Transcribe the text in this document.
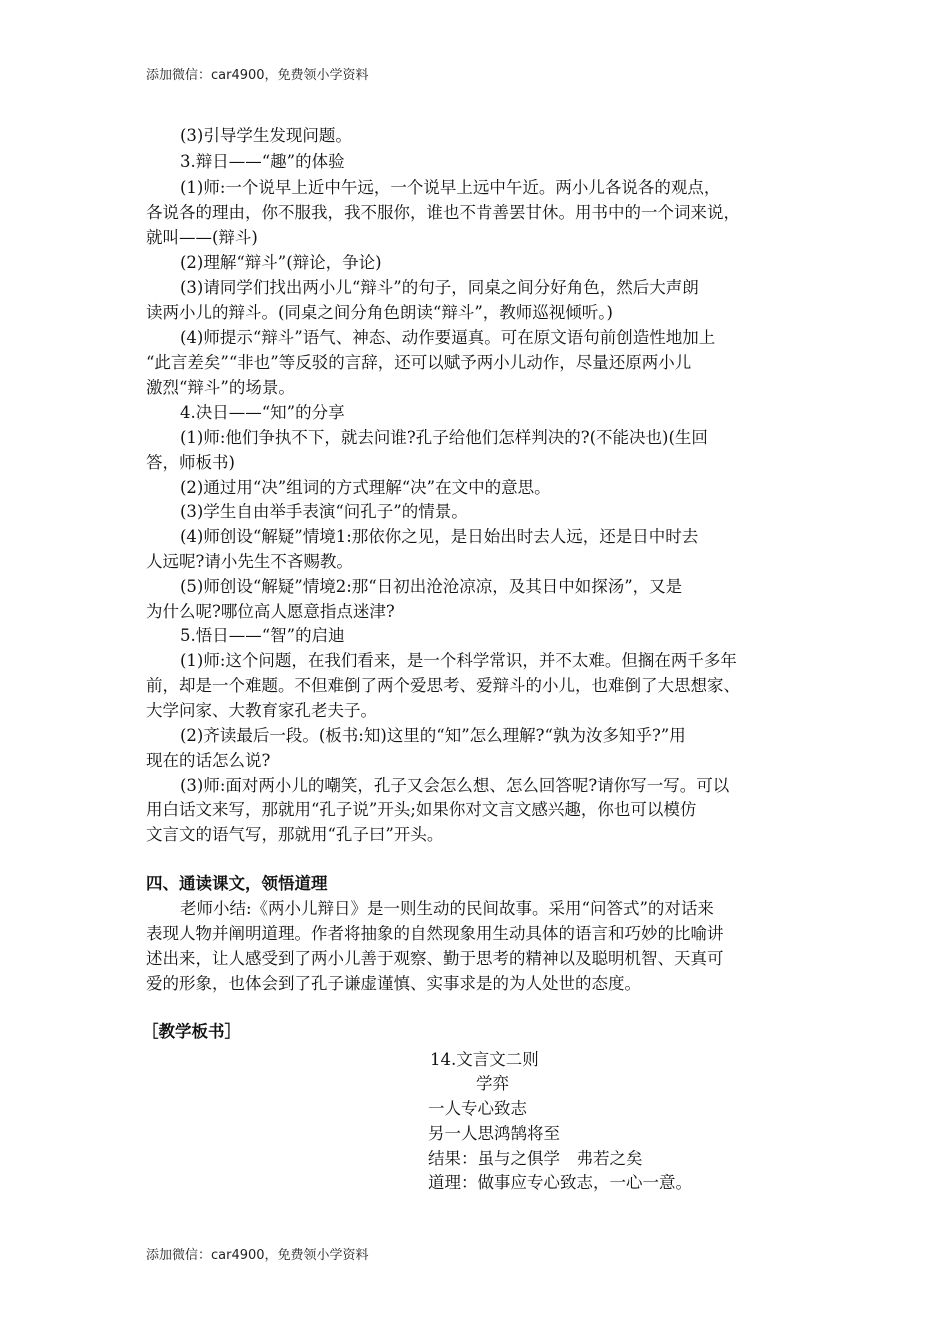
添加微信：car4900，免费领小学资料
(3)引导学生发现问题。
3.辩日——“趣”的体验
(1)师:一个说早上近中午远，一个说早上远中午近。两小儿各说各的观点，
各说各的理由，你不服我，我不服你，谁也不肯善罢甘休。用书中的一个词来说，
就叫——(辩斗)
(2)理解“辩斗”(辩论，争论)
(3)请同学们找出两小儿“辩斗”的句子，同桌之间分好角色，然后大声朗
读两小儿的辩斗。(同桌之间分角色朗读“辩斗”，教师巡视倾听。)
(4)师提示“辩斗”语气、神态、动作要逼真。可在原文语句前创造性地加上
“此言差矣”“非也”等反驳的言辞，还可以赋予两小儿动作，尽量还原两小儿
激烈“辩斗”的场景。
4.决日——“知”的分享
(1)师:他们争执不下，就去问谁?孔子给他们怎样判决的?(不能决也)(生回
答，师板书)
(2)通过用“决”组词的方式理解“决”在文中的意思。
(3)学生自由举手表演“问孔子”的情景。
(4)师创设“解疑”情境1:那依你之见，是日始出时去人远，还是日中时去
人远呢?请小先生不吝赐教。
(5)师创设“解疑”情境2:那“日初出沧沧凉凉，及其日中如探汤”，又是
为什么呢?哪位高人愿意指点迷津?
5.悟日——“智”的启迪
(1)师:这个问题，在我们看来，是一个科学常识，并不太难。但搁在两千多年
前，却是一个难题。不但难倒了两个爱思考、爱辩斗的小儿，也难倒了大思想家、
大学问家、大教育家孔老夫子。
(2)齐读最后一段。(板书:知)这里的“知”怎么理解?“孰为汝多知乎?”用
现在的话怎么说?
(3)师:面对两小儿的嘲笑，孔子又会怎么想、怎么回答呢?请你写一写。可以
用白话文来写，那就用“孔子说”开头;如果你对文言文感兴趣，你也可以模仿
文言文的语气写，那就用“孔子曰”开头。
四、通读课文，领悟道理
老师小结:《两小儿辩日》是一则生动的民间故事。采用“问答式”的对话来
表现人物并阐明道理。作者将抽象的自然现象用生动具体的语言和巧妙的比喻讲
述出来，让人感受到了两小儿善于观察、勤于思考的精神以及聪明机智、天真可
爱的形象，也体会到了孔子谦虚谨慎、实事求是的为人处世的态度。
［教学板书］
14.文言文二则
学弈
一人专心致志
另一人思鸿鹄将至
结果：虽与之俱学　弗若之矣
道理：做事应专心致志，一心一意。
添加微信：car4900，免费领小学资料
